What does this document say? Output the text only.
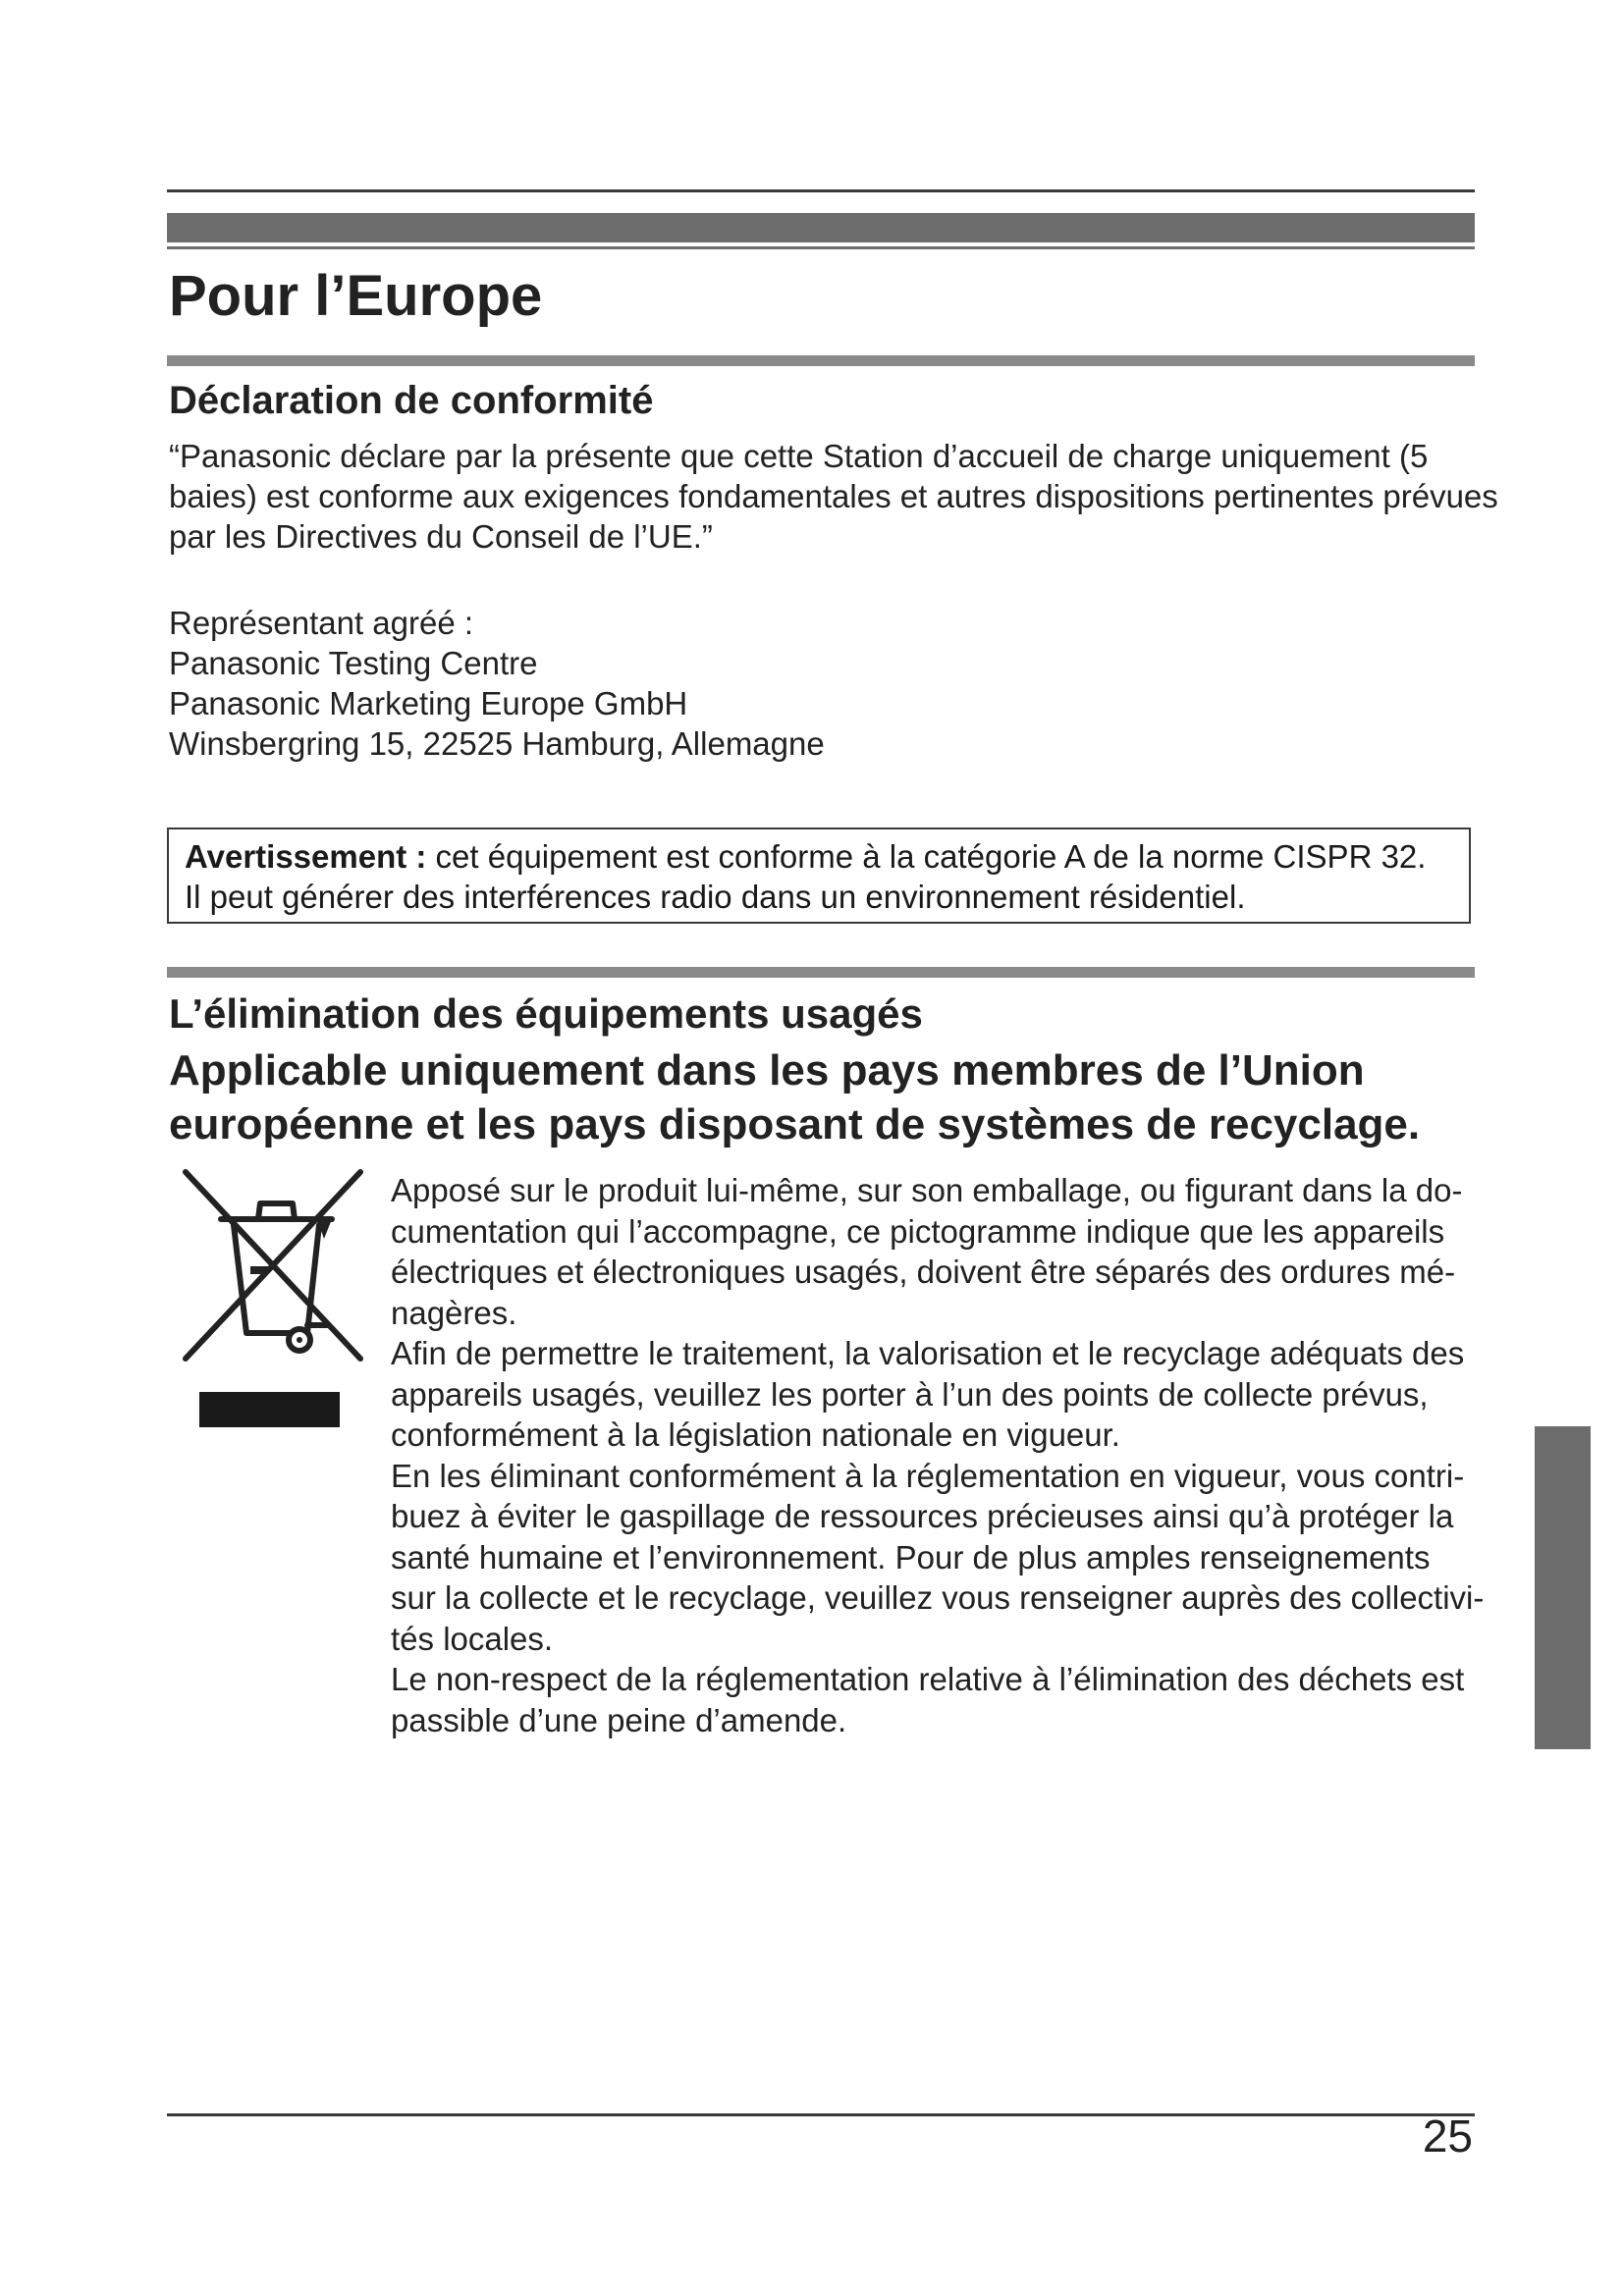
Pour l’Europe
Déclaration de conformité
“Panasonic déclare par la présente que cette Station d’accueil de charge uniquement (5
baies) est conforme aux exigences fondamentales et autres dispositions pertinentes prévues
par les Directives du Conseil de l’UE.”
Représentant agréé :
Panasonic Testing Centre
Panasonic Marketing Europe GmbH
Winsbergring 15, 22525 Hamburg, Allemagne
Avertissement : cet équipement est conforme à la catégorie A de la norme CISPR 32.
Il peut générer des interférences radio dans un environnement résidentiel.
L’élimination des équipements usagés
Applicable uniquement dans les pays membres de l’Union
européenne et les pays disposant de systèmes de recyclage.
Apposé sur le produit lui-même, sur son emballage, ou figurant dans la do-
cumentation qui l’accompagne, ce pictogramme indique que les appareils
électriques et électroniques usagés, doivent être séparés des ordures mé-
nagères.
Afin de permettre le traitement, la valorisation et le recyclage adéquats des
appareils usagés, veuillez les porter à l’un des points de collecte prévus,
conformément à la législation nationale en vigueur.
En les éliminant conformément à la réglementation en vigueur, vous contri-
buez à éviter le gaspillage de ressources précieuses ainsi qu’à protéger la
santé humaine et l’environnement. Pour de plus amples renseignements
sur la collecte et le recyclage, veuillez vous renseigner auprès des collectivi-
tés locales.
Le non-respect de la réglementation relative à l’élimination des déchets est
passible d’une peine d’amende.
25
